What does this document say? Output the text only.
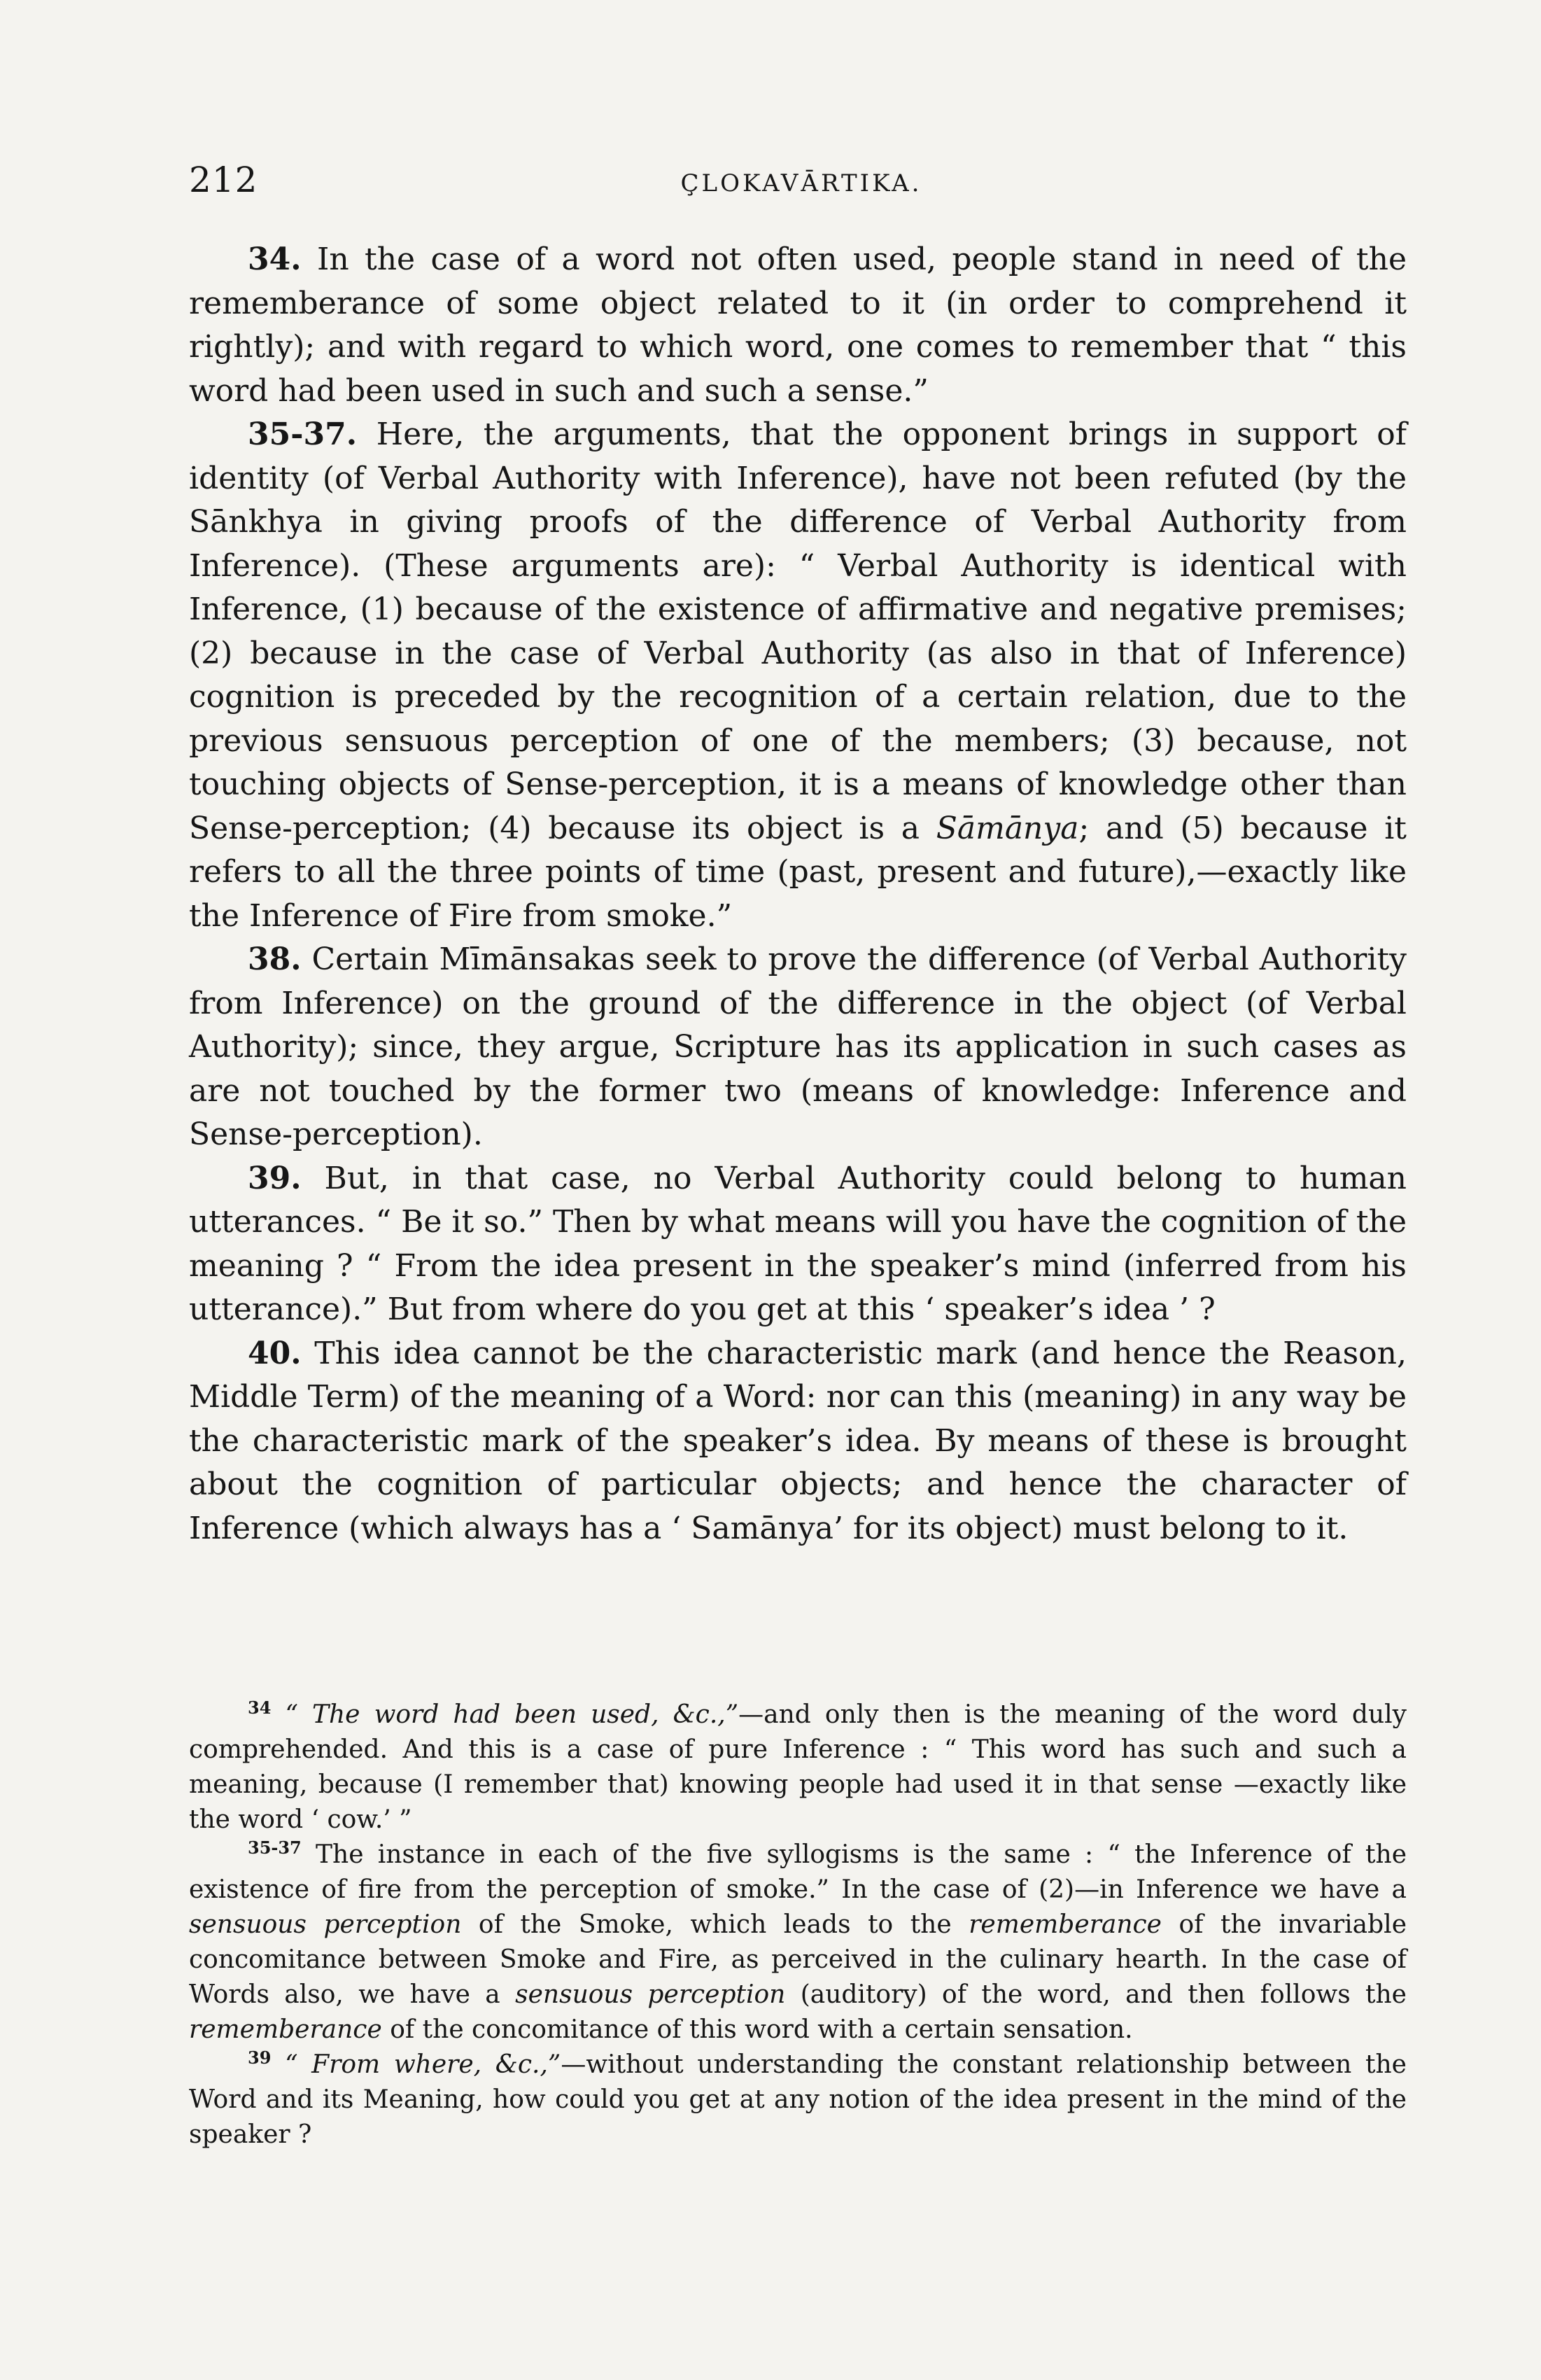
212	ÇLOKAVĀRTIKA.

34. In the case of a word not often used, people stand in need of the rememberance of some object related to it (in order to comprehend it rightly); and with regard to which word, one comes to remember that “ this word had been used in such and such a sense.”

35-37. Here, the arguments, that the opponent brings in support of identity (of Verbal Authority with Inference), have not been refuted (by the Sānkhya in giving proofs of the difference of Verbal Authority from Inference). (These arguments are): “ Verbal Authority is identical with Inference, (1) because of the existence of affirmative and negative premises; (2) because in the case of Verbal Authority (as also in that of Inference) cognition is preceded by the recognition of a certain relation, due to the previous sensuous perception of one of the members; (3) because, not touching objects of Sense-perception, it is a means of knowledge other than Sense-perception; (4) because its object is a Sāmānya; and (5) because it refers to all the three points of time (past, present and future),—exactly like the Inference of Fire from smoke.”

38. Certain Mīmānsakas seek to prove the difference (of Verbal Authority from Inference) on the ground of the difference in the object (of Verbal Authority); since, they argue, Scripture has its application in such cases as are not touched by the former two (means of knowledge: Inference and Sense-perception).

39. But, in that case, no Verbal Authority could belong to human utterances. “ Be it so.” Then by what means will you have the cognition of the meaning ? “ From the idea present in the speaker’s mind (inferred from his utterance).” But from where do you get at this ‘ speaker’s idea ’ ?

40. This idea cannot be the characteristic mark (and hence the Reason, Middle Term) of the meaning of a Word: nor can this (meaning) in any way be the characteristic mark of the speaker’s idea. By means of these is brought about the cognition of particular objects; and hence the character of Inference (which always has a ‘ Samānya’ for its object) must belong to it.

$^{34}$ “ The word had been used, &c.,”—and only then is the meaning of the word duly comprehended. And this is a case of pure Inference : “ This word has such and such a meaning, because (I remember that) knowing people had used it in that sense —exactly like the word ‘ cow.’ ”

$^{35-37}$ The instance in each of the five syllogisms is the same : “ the Inference of the existence of fire from the perception of smoke.” In the case of (2)—in Inference we have a sensuous perception of the Smoke, which leads to the rememberance of the invariable concomitance between Smoke and Fire, as perceived in the culinary hearth. In the case of Words also, we have a sensuous perception (auditory) of the word, and then follows the rememberance of the concomitance of this word with a certain sensation.

$^{39}$ “ From where, &c.,”—without understanding the constant relationship between the Word and its Meaning, how could you get at any notion of the idea present in the mind of the speaker ?
